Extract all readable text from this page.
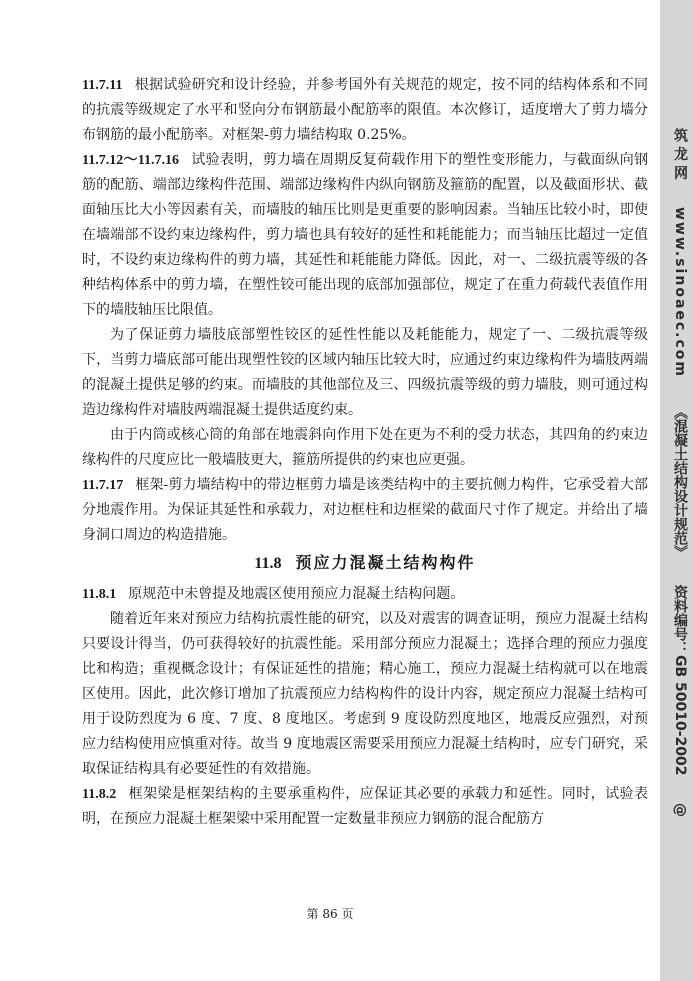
11.7.11 根据试验研究和设计经验，并参考国外有关规范的规定，按不同的结构体系和不同的抗震等级规定了水平和竖向分布钢筋最小配筋率的限值。本次修订，适度增大了剪力墙分布钢筋的最小配筋率。对框架-剪力墙结构取 0.25%。

11.7.12～11.7.16 试验表明，剪力墙在周期反复荷载作用下的塑性变形能力，与截面纵向钢筋的配筋、端部边缘构件范围、端部边缘构件内纵向钢筋及箍筋的配置，以及截面形状、截面轴压比大小等因素有关，而墙肢的轴压比则是更重要的影响因素。当轴压比较小时，即使在墙端部不设约束边缘构件，剪力墙也具有较好的延性和耗能能力；而当轴压比超过一定值时，不设约束边缘构件的剪力墙，其延性和耗能能力降低。因此，对一、二级抗震等级的各种结构体系中的剪力墙，在塑性铰可能出现的底部加强部位，规定了在重力荷载代表值作用下的墙肢轴压比限值。

为了保证剪力墙肢底部塑性铰区的延性性能以及耗能能力，规定了一、二级抗震等级下，当剪力墙底部可能出现塑性铰的区域内轴压比较大时，应通过约束边缘构件为墙肢两端的混凝土提供足够的约束。而墙肢的其他部位及三、四级抗震等级的剪力墙肢，则可通过构造边缘构件对墙肢两端混凝土提供适度约束。

由于内筒或核心筒的角部在地震斜向作用下处在更为不利的受力状态，其四角的约束边缘构件的尺度应比一般墙肢更大，箍筋所提供的约束也应更强。

11.7.17 框架-剪力墙结构中的带边框剪力墙是该类结构中的主要抗侧力构件，它承受着大部分地震作用。为保证其延性和承载力，对边框柱和边框梁的截面尺寸作了规定。并给出了墙身洞口周边的构造措施。

11.8 预应力混凝土结构构件

11.8.1 原规范中未曾提及地震区使用预应力混凝土结构问题。

随着近年来对预应力结构抗震性能的研究，以及对震害的调查证明，预应力混凝土结构只要设计得当，仍可获得较好的抗震性能。采用部分预应力混凝土；选择合理的预应力强度比和构造；重视概念设计；有保证延性的措施；精心施工，预应力混凝土结构就可以在地震区使用。因此，此次修订增加了抗震预应力结构构件的设计内容，规定预应力混凝土结构可用于设防烈度为 6 度、7 度、8 度地区。考虑到 9 度设防烈度地区，地震反应强烈，对预应力结构使用应慎重对待。故当 9 度地震区需要采用预应力混凝土结构时，应专门研究，采取保证结构具有必要延性的有效措施。

11.8.2 框架梁是框架结构的主要承重构件，应保证其必要的承载力和延性。同时，试验表明，在预应力混凝土框架梁中采用配置一定数量非预应力钢筋的混合配筋方

第 86 页
筑 龙 网 www.sinoaec.com 《混凝土结构设计规范》 资料编号：GB 50010-2002 @
